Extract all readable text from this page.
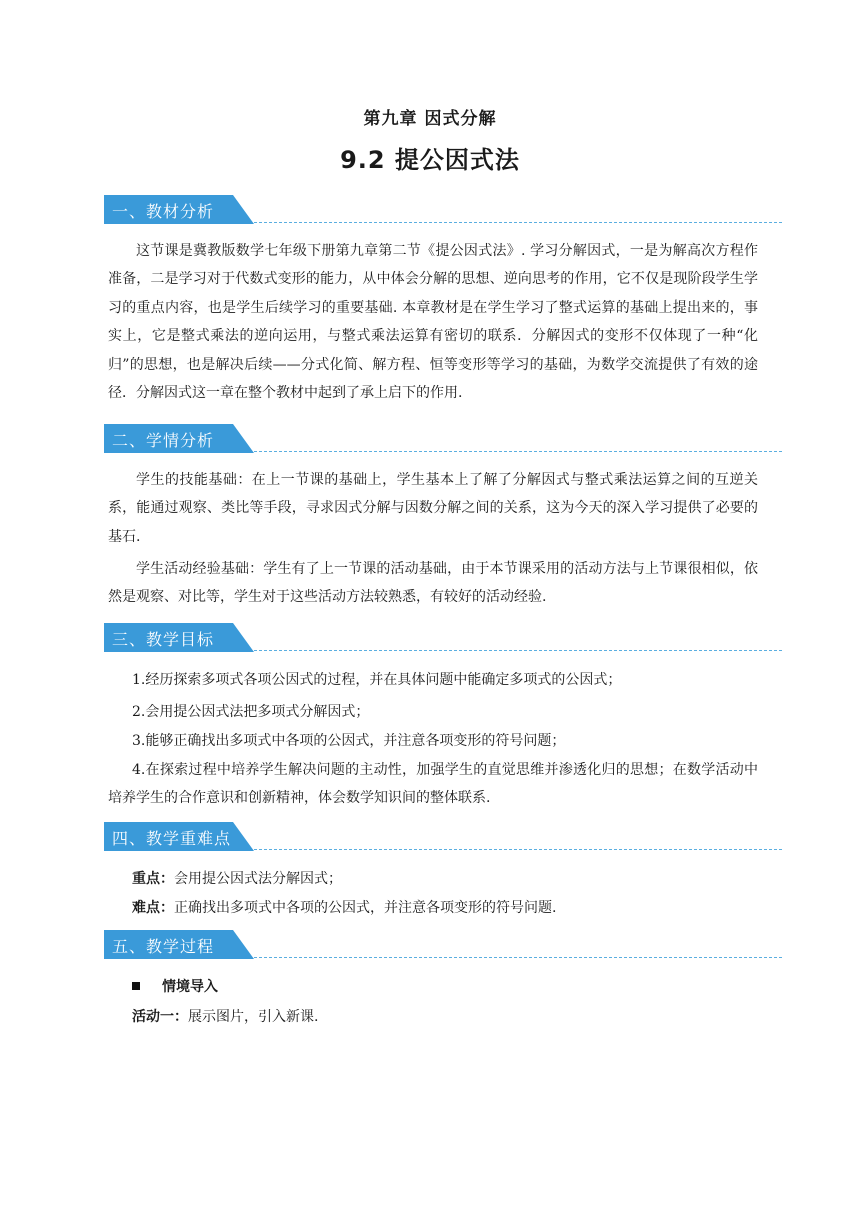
第九章 因式分解
9.2 提公因式法
一、教材分析
这节课是冀教版数学七年级下册第九章第二节《提公因式法》. 学习分解因式，一是为解高次方程作准备，二是学习对于代数式变形的能力，从中体会分解的思想、逆向思考的作用，它不仅是现阶段学生学习的重点内容，也是学生后续学习的重要基础. 本章教材是在学生学习了整式运算的基础上提出来的，事实上，它是整式乘法的逆向运用，与整式乘法运算有密切的联系．分解因式的变形不仅体现了一种“化归”的思想，也是解决后续——分式化简、解方程、恒等变形等学习的基础，为数学交流提供了有效的途径．分解因式这一章在整个教材中起到了承上启下的作用.
二、学情分析
学生的技能基础：在上一节课的基础上，学生基本上了解了分解因式与整式乘法运算之间的互逆关系，能通过观察、类比等手段，寻求因式分解与因数分解之间的关系，这为今天的深入学习提供了必要的基石.
学生活动经验基础：学生有了上一节课的活动基础，由于本节课采用的活动方法与上节课很相似，依然是观察、对比等，学生对于这些活动方法较熟悉，有较好的活动经验.
三、教学目标
1.经历探索多项式各项公因式的过程，并在具体问题中能确定多项式的公因式；
2.会用提公因式法把多项式分解因式；
3.能够正确找出多项式中各项的公因式，并注意各项变形的符号问题；
4.在探索过程中培养学生解决问题的主动性，加强学生的直觉思维并渗透化归的思想；在数学活动中培养学生的合作意识和创新精神，体会数学知识间的整体联系.
四、教学重难点
重点：会用提公因式法分解因式；
难点：正确找出多项式中各项的公因式，并注意各项变形的符号问题.
五、教学过程
情境导入
活动一：展示图片，引入新课.
